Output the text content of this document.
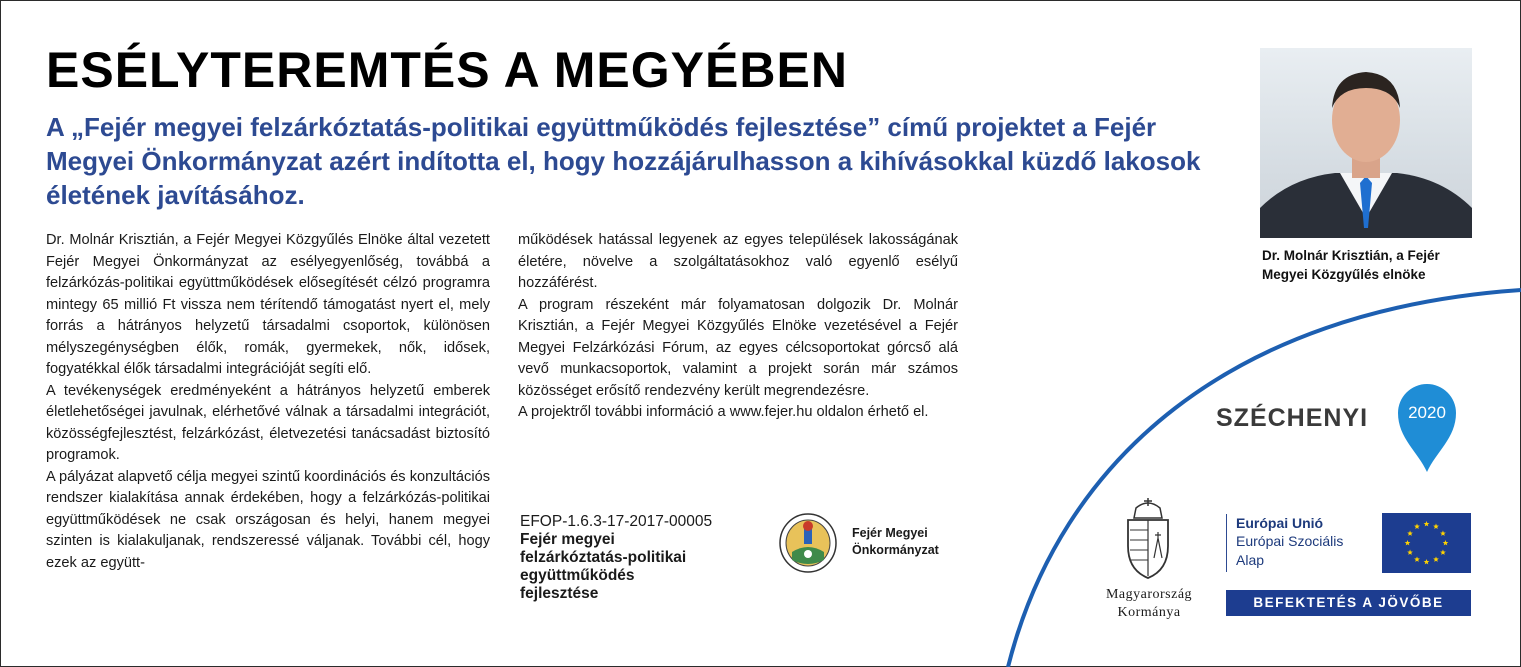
ESÉLYTEREMTÉS A MEGYÉBEN

A „Fejér megyei felzárkóztatás-politikai együttműködés fejlesztése” című projektet a Fejér Megyei Önkormányzat azért indította el, hogy hozzájárulhasson a kihívásokkal küzdő lakosok életének javításához.

Dr. Molnár Krisztián, a Fejér Megyei Közgyűlés Elnöke által vezetett Fejér Megyei Önkormányzat az esélyegyenlőség, továbbá a felzárkózás-politikai együttműködések elősegítését célzó programra mintegy 65 millió Ft vissza nem térítendő támogatást nyert el, mely forrás a hátrányos helyzetű társadalmi csoportok, különösen mélyszegénységben élők, romák, gyermekek, nők, idősek, fogyatékkal élők társadalmi integrációját segíti elő.

A tevékenységek eredményeként a hátrányos helyzetű emberek életlehetőségei javulnak, elérhetővé válnak a társadalmi integrációt, közösségfejlesztést, felzárkózást, életvezetési tanácsadást biztosító programok.

A pályázat alapvető célja megyei szintű koordinációs és konzultációs rendszer kialakítása annak érdekében, hogy a felzárkózás-politikai együttműködések ne csak országosan és helyi, hanem megyei szinten is kialakuljanak, rendszeressé váljanak. További cél, hogy ezek az együtt-

működések hatással legyenek az egyes települések lakosságának életére, növelve a szolgáltatásokhoz való egyenlő esélyű hozzáférést.

A program részeként már folyamatosan dolgozik Dr. Molnár Krisztián, a Fejér Megyei Közgyűlés Elnöke vezetésével a Fejér Megyei Felzárkózási Fórum, az egyes célcsoportokat górcső alá vevő munkacsoportok, valamint a projekt során már számos közösséget erősítő rendezvény került megrendezésre.

A projektről további információ a www.fejer.hu oldalon érhető el.

EFOP-1.6.3-17-2017-00005
Fejér megyei
felzárkóztatás-politikai
együttműködés
fejlesztése
Fejér Megyei
Önkormányzat
Dr. Molnár Krisztián, a Fejér
Megyei Közgyűlés elnöke
SZÉCHENYI	2020
Magyarország
Kormánya
Európai Unió
Európai Szociális
Alap
BEFEKTETÉS A JÖVŐBE
